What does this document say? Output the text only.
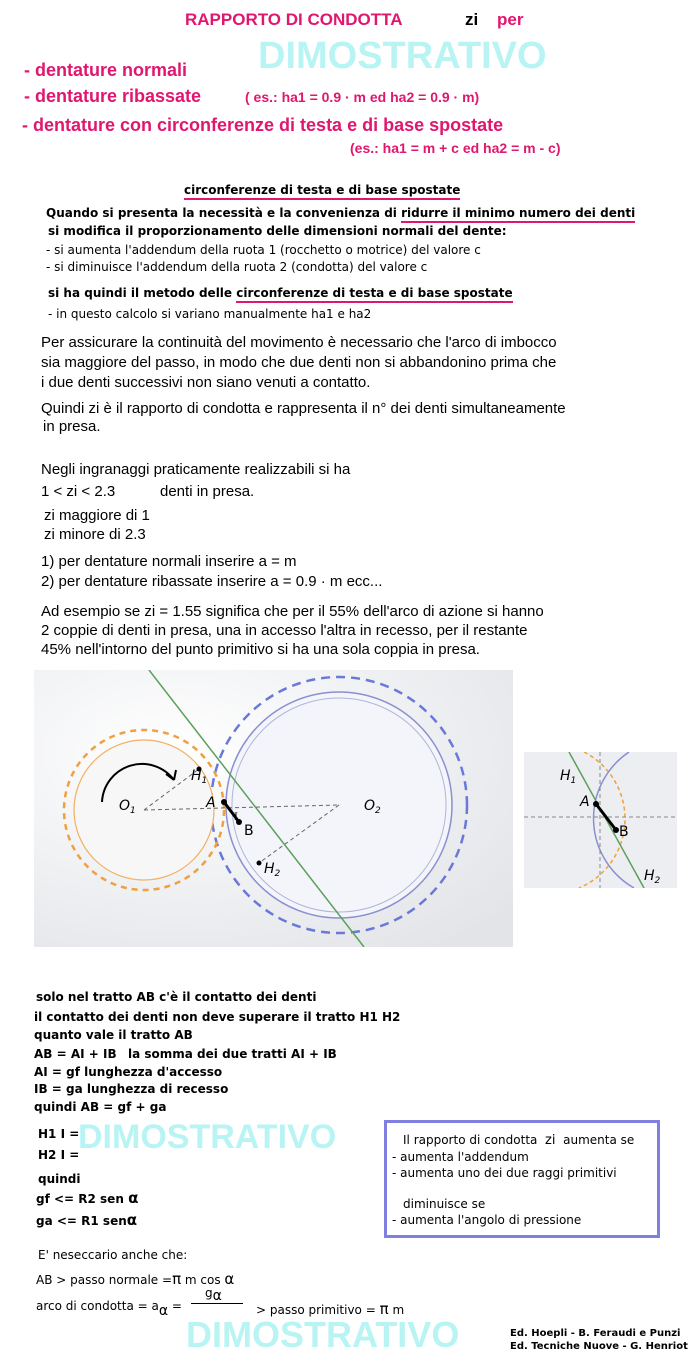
RAPPORTO DI CONDOTTA	zi per
DIMOSTRATIVO
- dentature normali
- dentature ribassate	( es.: ha1 = 0.9 · m ed ha2 = 0.9 · m)
- dentature con circonferenze di testa e di base spostate
(es.: ha1 = m + c ed ha2 = m - c)
circonferenze di testa e di base spostate
Quando si presenta la necessità e la convenienza di ridurre il minimo numero dei denti
si modifica il proporzionamento delle dimensioni normali del dente:
- si aumenta l'addendum della ruota 1 (rocchetto o motrice) del valore c
- si diminuisce l'addendum della ruota 2 (condotta) del valore c
si ha quindi il metodo delle circonferenze di testa e di base spostate
- in questo calcolo si variano manualmente ha1 e ha2
Per assicurare la continuità del movimento è necessario che l'arco di imbocco
sia maggiore del passo, in modo che due denti non si abbandonino prima che
i due denti successivi non siano venuti a contatto.
Quindi zi è il rapporto di condotta e rappresenta il n° dei denti simultaneamente
in presa.
Negli ingranaggi praticamente realizzabili si ha
1 < zi < 2.3	denti in presa.
zi maggiore di 1
zi minore di 2.3
1) per dentature normali inserire a = m
2) per dentature ribassate inserire a = 0.9 · m ecc...
Ad esempio se zi = 1.55 significa che per il 55% dell'arco di azione si hanno
2 coppie di denti in presa, una in accesso l'altra in recesso, per il restante
45% nell'intorno del punto primitivo si ha una sola coppia in presa.
$O_1$	$O_2$
$H_1$
$H_2$
A
B
I
$H_1$
A
B
$H_2$
solo nel tratto AB c'è il contatto dei denti
il contatto dei denti non deve superare il tratto H1 H2
quanto vale il tratto AB
AB = AI + IB la somma dei due tratti AI + IB
AI = gf lunghezza d'accesso
IB = ga lunghezza di recesso
quindi AB = gf + ga
H1 I =
DIMOSTRATIVO
H2 I =
quindi
gf <= R2 sen α
ga <= R1 senα
E' neseccario anche che:
AB > passo normale =π m cos α
arco di condotta = aα =
gα
> passo primitivo = π m
DIMOSTRATIVO
Il rapporto di condotta zi aumenta se
- aumenta l'addendum
- aumenta uno dei due raggi primitivi
diminuisce se
- aumenta l'angolo di pressione
Ed. Hoepli - B. Feraudi e Punzi
Ed. Tecniche Nuove - G. Henriot
